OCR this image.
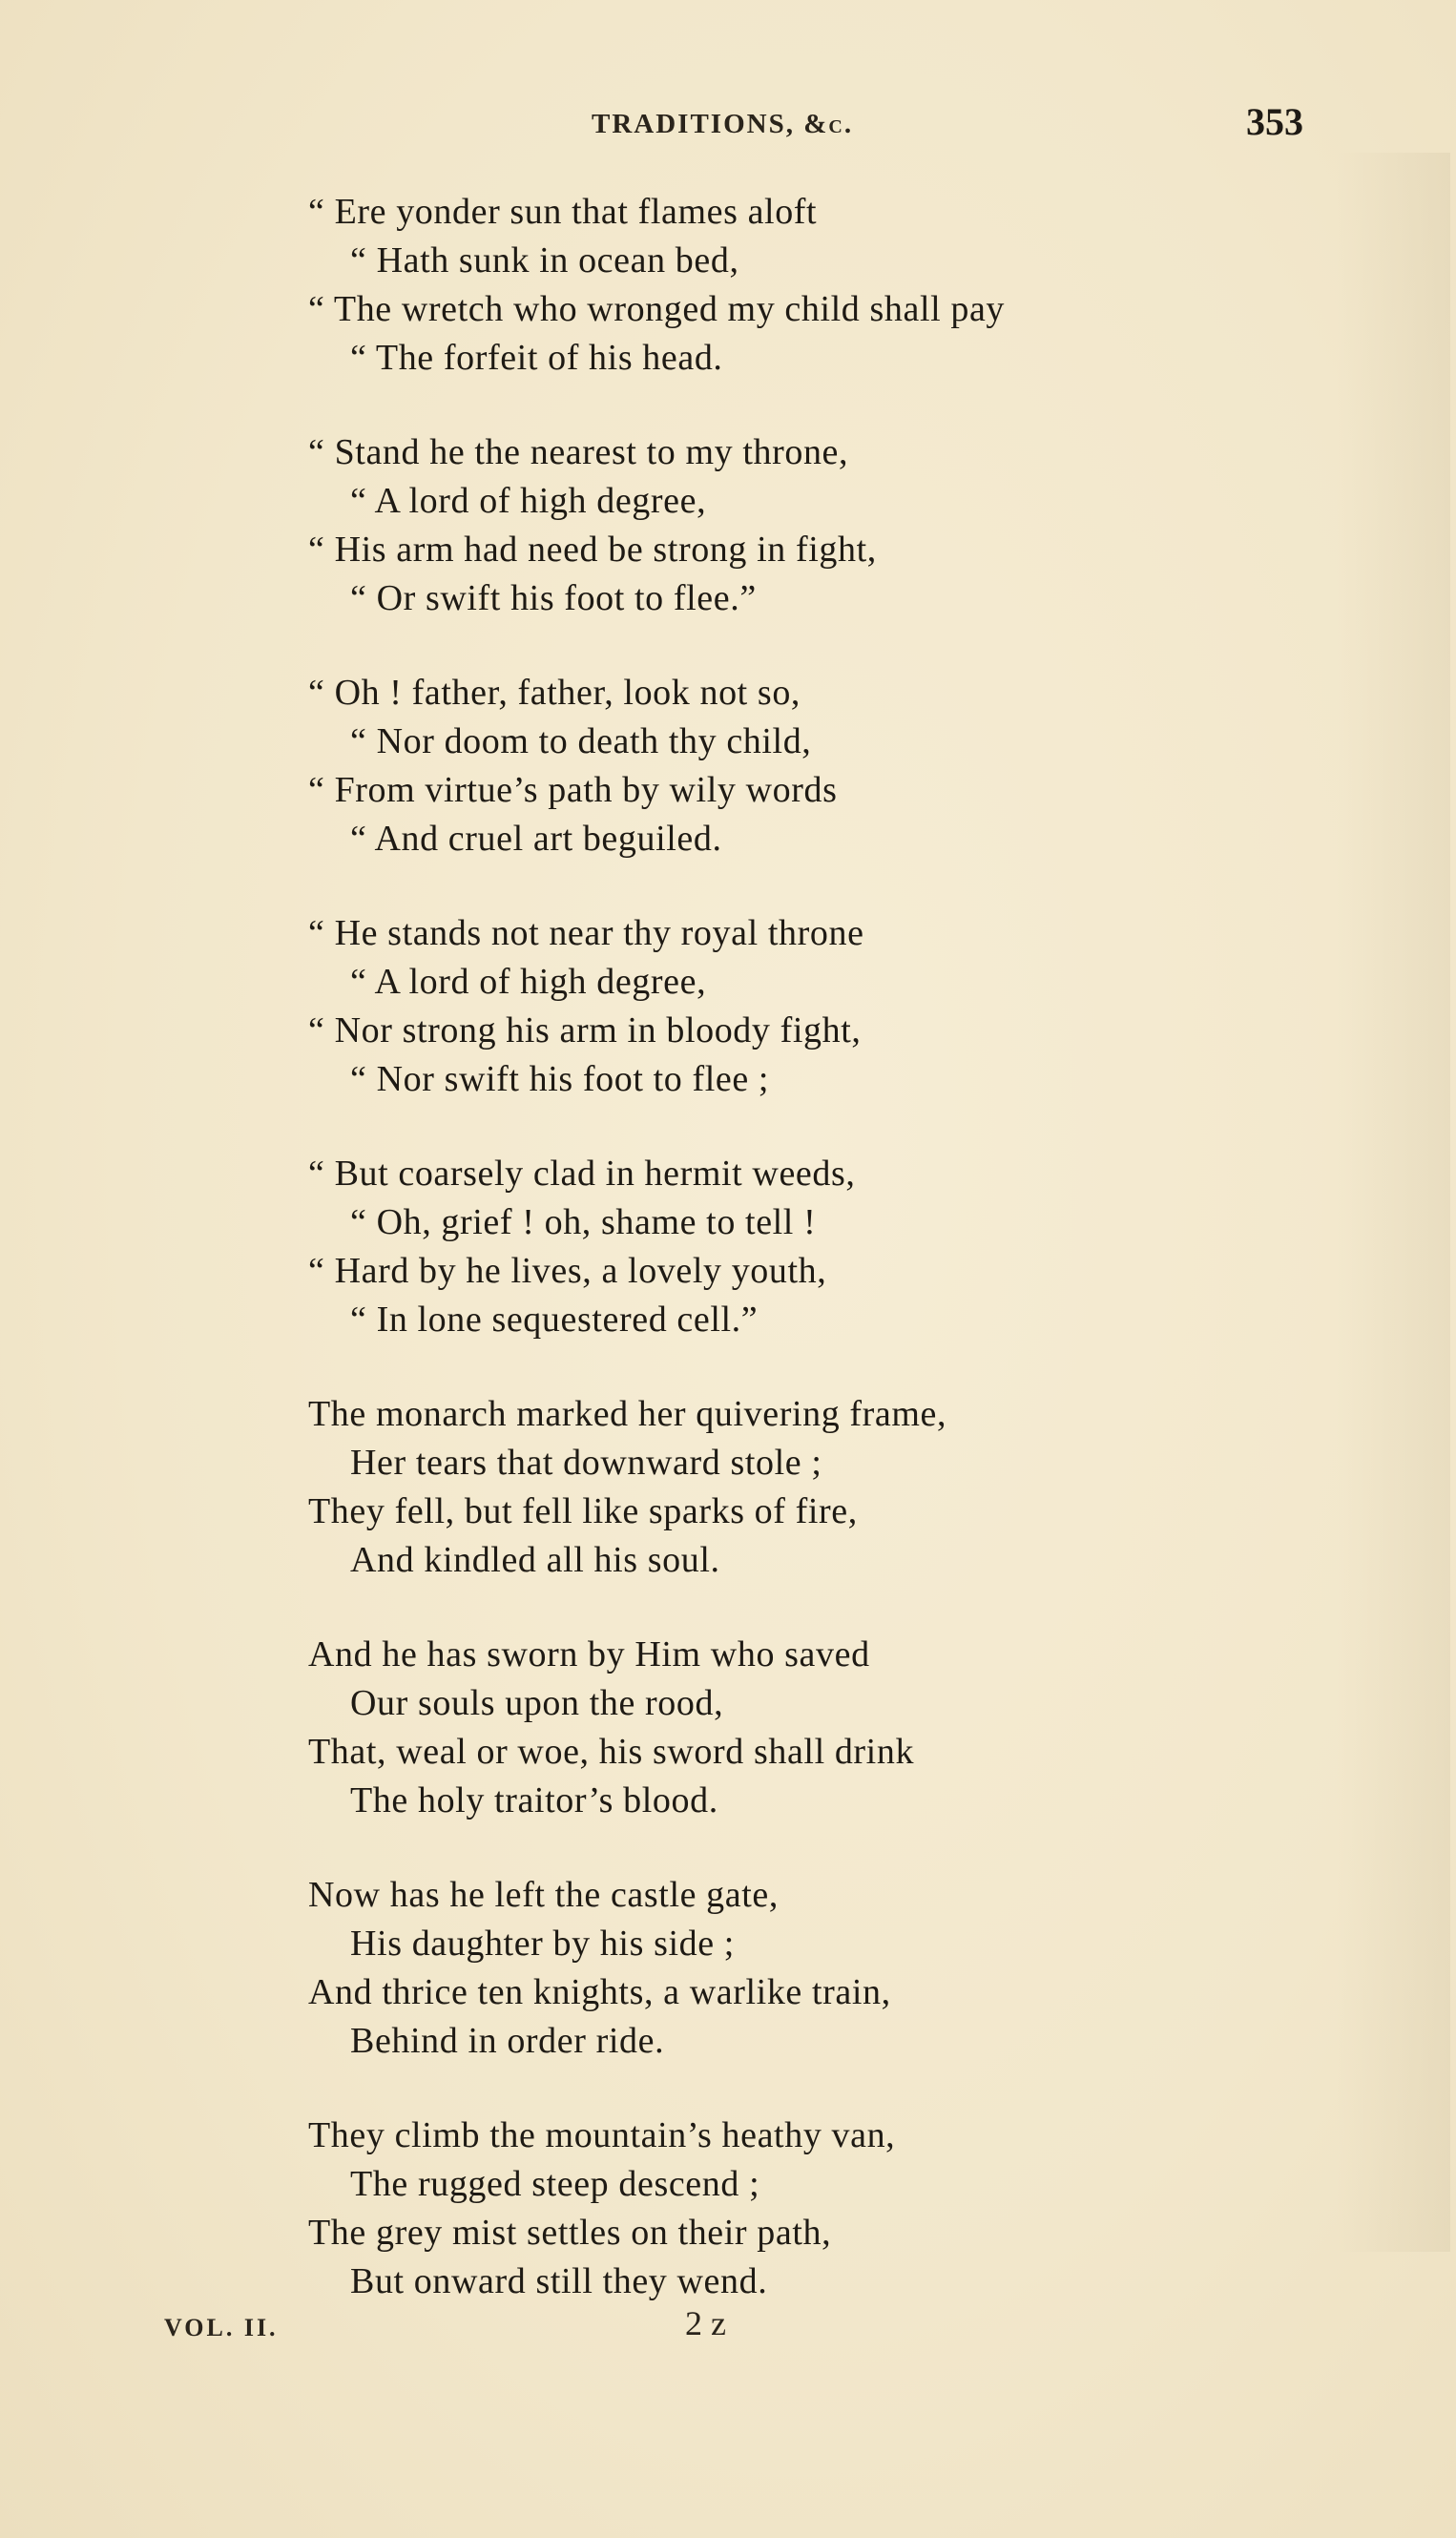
TRADITIONS, &c.	353
“ Ere yonder sun that flames aloft
“ Hath sunk in ocean bed,
“ The wretch who wronged my child shall pay
“ The forfeit of his head.
“ Stand he the nearest to my throne,
“ A lord of high degree,
“ His arm had need be strong in fight,
“ Or swift his foot to flee.”
“ Oh ! father, father, look not so,
“ Nor doom to death thy child,
“ From virtue’s path by wily words
“ And cruel art beguiled.
“ He stands not near thy royal throne
“ A lord of high degree,
“ Nor strong his arm in bloody fight,
“ Nor swift his foot to flee ;
“ But coarsely clad in hermit weeds,
“ Oh, grief ! oh, shame to tell !
“ Hard by he lives, a lovely youth,
“ In lone sequestered cell.”
The monarch marked her quivering frame,
Her tears that downward stole ;
They fell, but fell like sparks of fire,
And kindled all his soul.
And he has sworn by Him who saved
Our souls upon the rood,
That, weal or woe, his sword shall drink
The holy traitor’s blood.
Now has he left the castle gate,
His daughter by his side ;
And thrice ten knights, a warlike train,
Behind in order ride.
They climb the mountain’s heathy van,
The rugged steep descend ;
The grey mist settles on their path,
But onward still they wend.
VOL. II.	2 z
